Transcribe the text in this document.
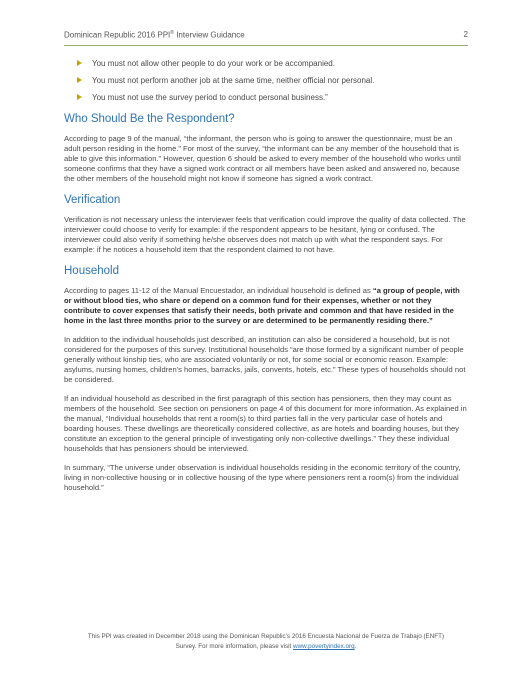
Dominican Republic 2016 PPI® Interview Guidance	2
You must not allow other people to do your work or be accompanied.
You must not perform another job at the same time, neither official nor personal.
You must not use the survey period to conduct personal business.”
Who Should Be the Respondent?

According to page 9 of the manual, “the informant, the person who is going to answer the questionnaire, must be an adult person residing in the home.” For most of the survey, “the informant can be any member of the household that is able to give this information.” However, question 6 should be asked to every member of the household who works until someone confirms that they have a signed work contract or all members have been asked and answered no, because the other members of the household might not know if someone has signed a work contract.

Verification

Verification is not necessary unless the interviewer feels that verification could improve the quality of data collected. The interviewer could choose to verify for example: if the respondent appears to be hesitant, lying or confused. The interviewer could also verify if something he/she observes does not match up with what the respondent says. For example: if he notices a household item that the respondent claimed to not have.

Household

According to pages 11-12 of the Manual Encuestador, an individual household is defined as “a group of people, with or without blood ties, who share or depend on a common fund for their expenses, whether or not they contribute to cover expenses that satisfy their needs, both private and common and that have resided in the home in the last three months prior to the survey or are determined to be permanently residing there.”

In addition to the individual households just described, an institution can also be considered a household, but is not considered for the purposes of this survey. Institutional households “are those formed by a significant number of people generally without kinship ties, who are associated voluntarily or not, for some social or economic reason. Example: asylums, nursing homes, children's homes, barracks, jails, convents, hotels, etc.” These types of households should not be considered.

If an individual household as described in the first paragraph of this section has pensioners, then they may count as members of the household. See section on pensioners on page 4 of this document for more information. As explained in the manual, “Individual households that rent a room(s) to third parties fall in the very particular case of hotels and boarding houses. These dwellings are theoretically considered collective, as are hotels and boarding houses, but they constitute an exception to the general principle of investigating only non-collective dwellings.” They these individual households that has pensioners should be interviewed.

In summary, “The universe under observation is individual households residing in the economic territory of the country, living in non-collective housing or in collective housing of the type where pensioners rent a room(s) from the individual household.”

This PPI was created in December 2018 using the Dominican Republic’s 2016 Encuesta Nacional de Fuerza de Trabajo (ENFT)
Survey. For more information, please visit www.povertyindex.org.
